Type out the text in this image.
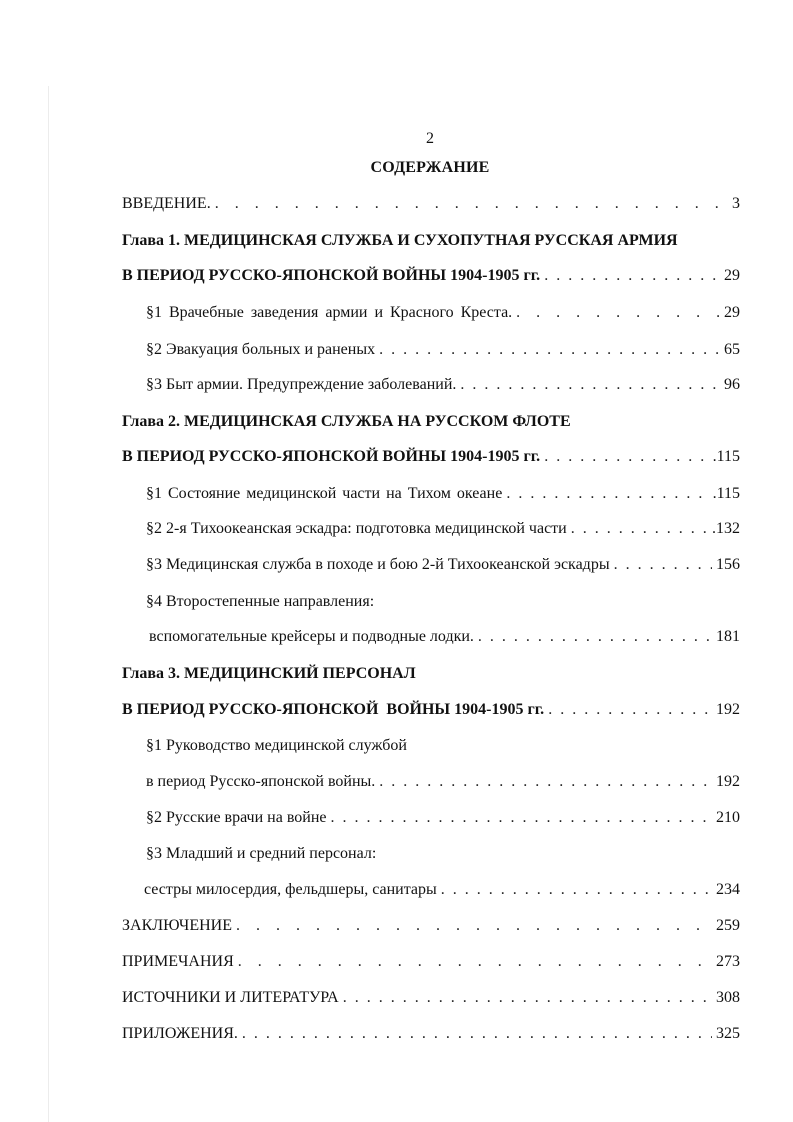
2
СОДЕРЖАНИЕ
ВВЕДЕНИЕ. . . .	3
Глава 1. МЕДИЦИНСКАЯ СЛУЖБА И СУХОПУТНАЯ РУССКАЯ АРМИЯ
В ПЕРИОД РУССКО-ЯПОНСКОЙ ВОЙНЫ 1904-1905 гг. . . .	29
§1 Врачебные заведения армии и Красного Креста. . . .	29
§2 Эвакуация больных и раненых . . .	65
§3 Быт армии. Предупреждение заболеваний. . . .	96
Глава 2. МЕДИЦИНСКАЯ СЛУЖБА НА РУССКОМ ФЛОТЕ
В ПЕРИОД РУССКО-ЯПОНСКОЙ ВОЙНЫ 1904-1905 гг. . . .	.115
§1 Состояние медицинской части на Тихом океане . . .	.115
§2 2-я Тихоокеанская эскадра: подготовка медицинской части . . .	.132
§3 Медицинская служба в походе и бою 2-й Тихоокеанской эскадры . . .	156
§4 Второстепенные направления:
вспомогательные крейсеры и подводные лодки. . . .	181
Глава 3. МЕДИЦИНСКИЙ ПЕРСОНАЛ
В ПЕРИОД РУССКО-ЯПОНСКОЙ  ВОЙНЫ 1904-1905 гг. . . .	192
§1 Руководство медицинской службой
в период Русско-японской войны. . . .	192
§2 Русские врачи на войне . . .	210
§3 Младший и средний персонал:
сестры милосердия, фельдшеры, санитары . . .	234
ЗАКЛЮЧЕНИЕ . . .	259
ПРИМЕЧАНИЯ . . .	273
ИСТОЧНИКИ И ЛИТЕРАТУРА . . .	308
ПРИЛОЖЕНИЯ. . . .	325
